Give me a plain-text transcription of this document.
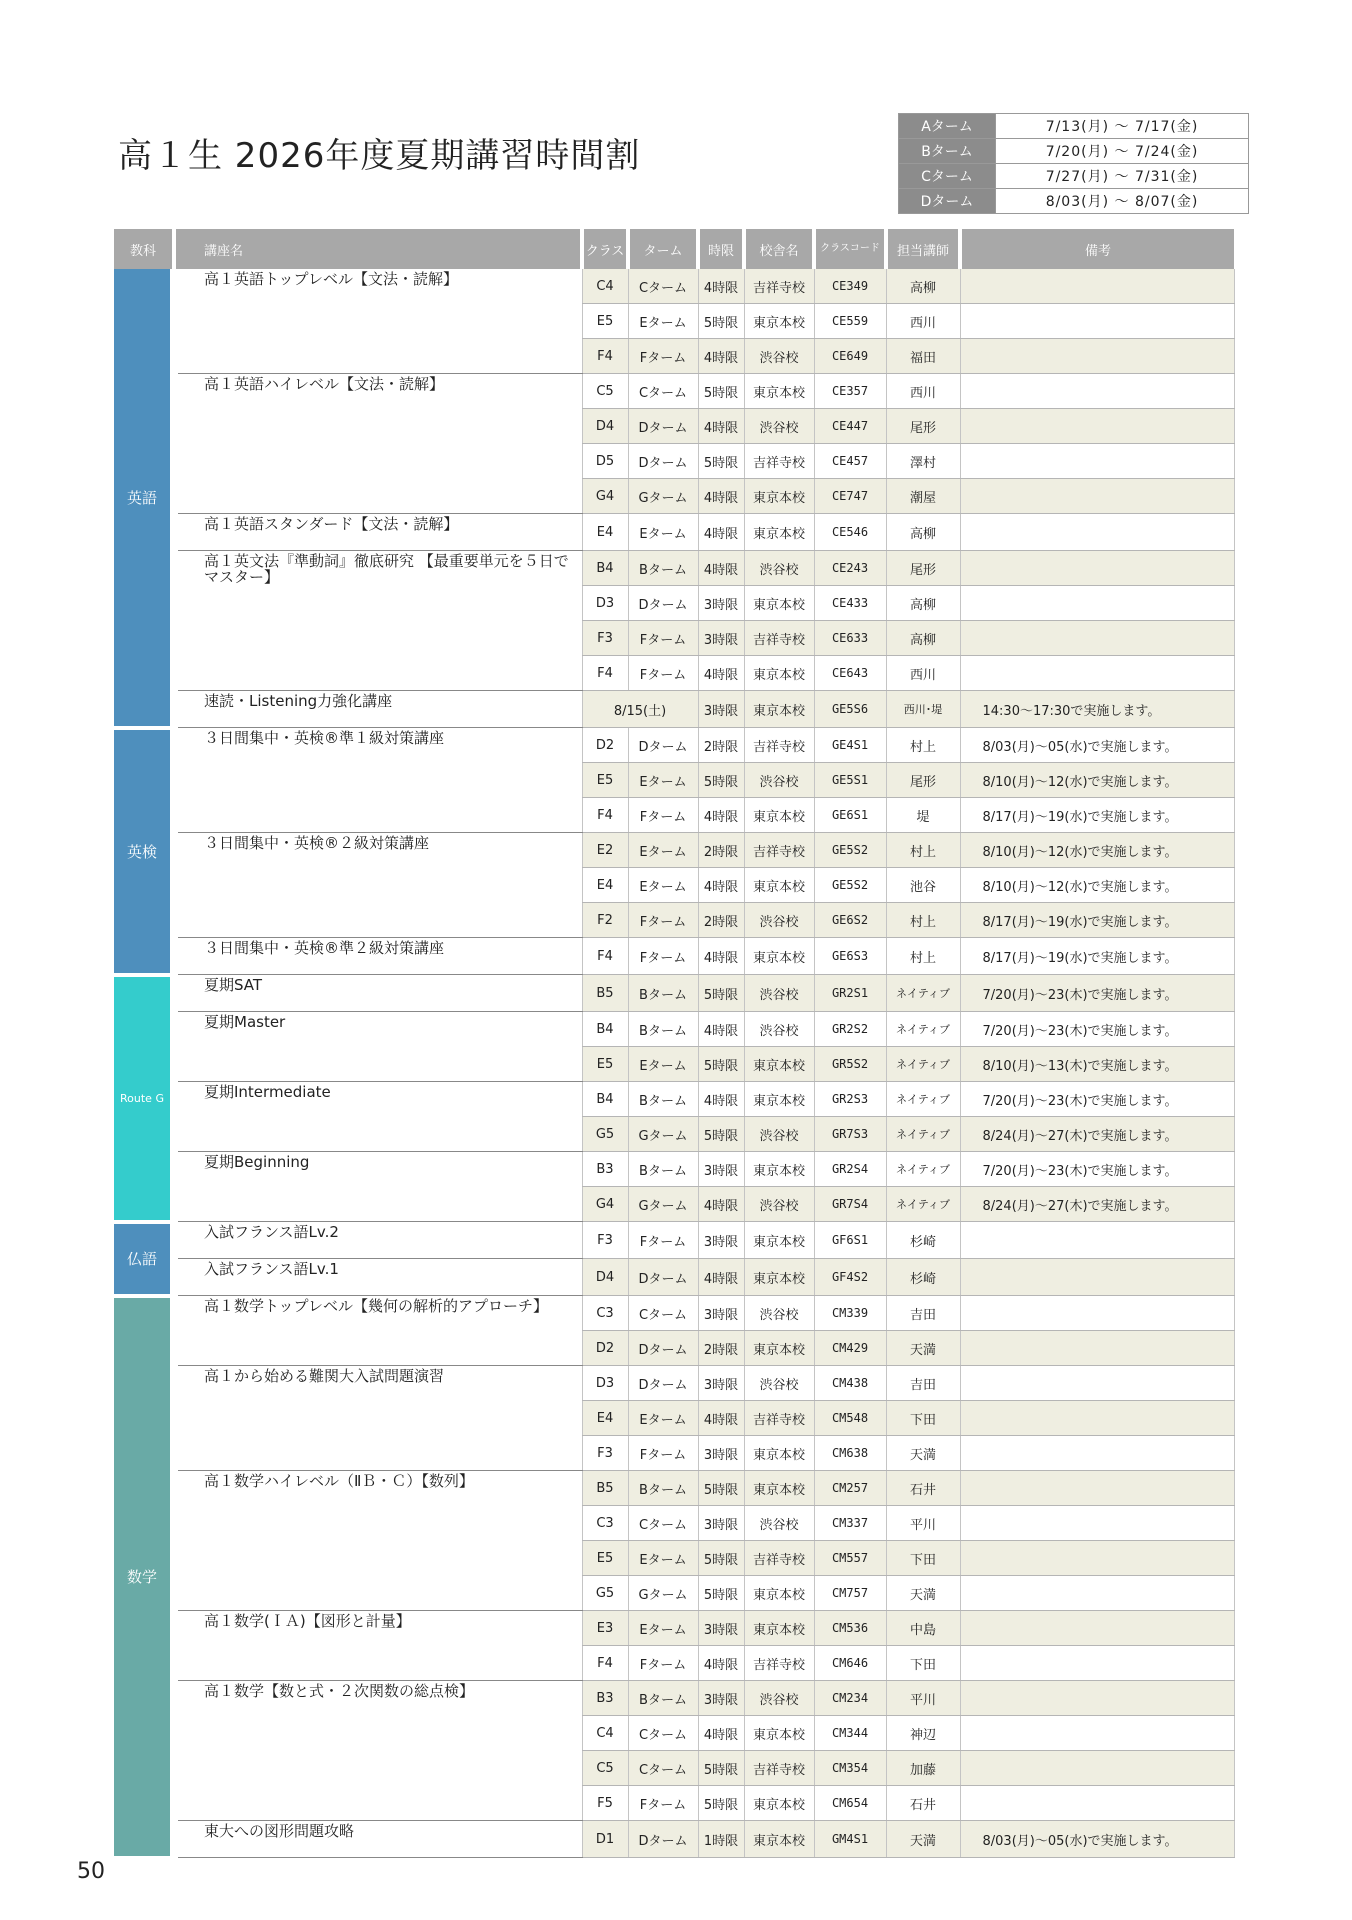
高１生 2026年度夏期講習時間割
Aターム	7/13(月) ～ 7/17(金)
Bターム	7/20(月) ～ 7/24(金)
Cターム	7/27(月) ～ 7/31(金)
Dターム	8/03(月) ～ 8/07(金)
教科	講座名	クラス	ターム	時限	校舎名	クラスコード	担当講師	備考
英語	高１英語トップレベル【文法・読解】	C4	Cターム	4時限	吉祥寺校	CE349	高柳	
		E5	Eターム	5時限	東京本校	CE559	西川	
		F4	Fターム	4時限	渋谷校	CE649	福田	
	高１英語ハイレベル【文法・読解】	C5	Cターム	5時限	東京本校	CE357	西川	
		D4	Dターム	4時限	渋谷校	CE447	尾形	
		D5	Dターム	5時限	吉祥寺校	CE457	澤村	
		G4	Gターム	4時限	東京本校	CE747	潮屋	
	高１英語スタンダード【文法・読解】	E4	Eターム	4時限	東京本校	CE546	高柳	
	高１英文法『準動詞』徹底研究 【最重要単元を５日でマスター】	B4	Bターム	4時限	渋谷校	CE243	尾形	
		D3	Dターム	3時限	東京本校	CE433	高柳	
		F3	Fターム	3時限	吉祥寺校	CE633	高柳	
		F4	Fターム	4時限	東京本校	CE643	西川	
	速読・Listening力強化講座	8/15(土)		3時限	東京本校	GE5S6	西川･堤	14:30～17:30で実施します。
英検	３日間集中・英検®準１級対策講座	D2	Dターム	2時限	吉祥寺校	GE4S1	村上	8/03(月)～05(水)で実施します。
		E5	Eターム	5時限	渋谷校	GE5S1	尾形	8/10(月)～12(水)で実施します。
		F4	Fターム	4時限	東京本校	GE6S1	堤	8/17(月)～19(水)で実施します。
	３日間集中・英検®２級対策講座	E2	Eターム	2時限	吉祥寺校	GE5S2	村上	8/10(月)～12(水)で実施します。
		E4	Eターム	4時限	東京本校	GE5S2	池谷	8/10(月)～12(水)で実施します。
		F2	Fターム	2時限	渋谷校	GE6S2	村上	8/17(月)～19(水)で実施します。
	３日間集中・英検®準２級対策講座	F4	Fターム	4時限	東京本校	GE6S3	村上	8/17(月)～19(水)で実施します。
Route G	夏期SAT	B5	Bターム	5時限	渋谷校	GR2S1	ネイティブ	7/20(月)～23(木)で実施します。
	夏期Master	B4	Bターム	4時限	渋谷校	GR2S2	ネイティブ	7/20(月)～23(木)で実施します。
		E5	Eターム	5時限	東京本校	GR5S2	ネイティブ	8/10(月)～13(木)で実施します。
	夏期Intermediate	B4	Bターム	4時限	東京本校	GR2S3	ネイティブ	7/20(月)～23(木)で実施します。
		G5	Gターム	5時限	渋谷校	GR7S3	ネイティブ	8/24(月)～27(木)で実施します。
	夏期Beginning	B3	Bターム	3時限	東京本校	GR2S4	ネイティブ	7/20(月)～23(木)で実施します。
		G4	Gターム	4時限	渋谷校	GR7S4	ネイティブ	8/24(月)～27(木)で実施します。
仏語	入試フランス語Lv.2	F3	Fターム	3時限	東京本校	GF6S1	杉崎	
	入試フランス語Lv.1	D4	Dターム	4時限	東京本校	GF4S2	杉崎	
数学	高１数学トップレベル【幾何の解析的アプローチ】	C3	Cターム	3時限	渋谷校	CM339	吉田	
		D2	Dターム	2時限	東京本校	CM429	天満	
	高１から始める難関大入試問題演習	D3	Dターム	3時限	渋谷校	CM438	吉田	
		E4	Eターム	4時限	吉祥寺校	CM548	下田	
		F3	Fターム	3時限	東京本校	CM638	天満	
	高１数学ハイレベル（ⅡＢ・Ｃ）【数列】	B5	Bターム	5時限	東京本校	CM257	石井	
		C3	Cターム	3時限	渋谷校	CM337	平川	
		E5	Eターム	5時限	吉祥寺校	CM557	下田	
		G5	Gターム	5時限	東京本校	CM757	天満	
	高１数学(ＩＡ)【図形と計量】	E3	Eターム	3時限	東京本校	CM536	中島	
		F4	Fターム	4時限	吉祥寺校	CM646	下田	
	高１数学【数と式・２次関数の総点検】	B3	Bターム	3時限	渋谷校	CM234	平川	
		C4	Cターム	4時限	東京本校	CM344	神辺	
		C5	Cターム	5時限	吉祥寺校	CM354	加藤	
		F5	Fターム	5時限	東京本校	CM654	石井	
	東大への図形問題攻略	D1	Dターム	1時限	東京本校	GM4S1	天満	8/03(月)～05(水)で実施します。
50
